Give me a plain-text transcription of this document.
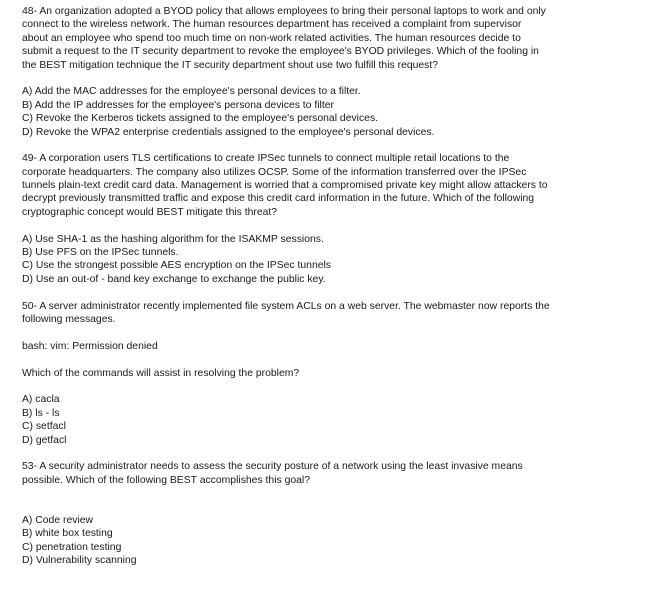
48- An organization adopted a BYOD policy that allows employees to bring their personal laptops to work and only
connect to the wireless network. The human resources department has received a complaint from supervisor
about an employee who spend too much time on non-work related activities. The human resources decide to
submit a request to the IT security department to revoke the employee's BYOD privileges. Which of the fooling in
the BEST mitigation technique the IT security department shout use two fulfill this request?
A) Add the MAC addresses for the employee's personal devices to a filter.
B) Add the IP addresses for the employee's persona devices to filter
C) Revoke the Kerberos tickets assigned to the employee's personal devices.
D) Revoke the WPA2 enterprise credentials assigned to the employee's personal devices.
49- A corporation users TLS certifications to create IPSec tunnels to connect multiple retail locations to the
corporate headquarters. The company also utilizes OCSP. Some of the information transferred over the IPSec
tunnels plain-text credit card data. Management is worried that a compromised private key might allow attackers to
decrypt previously transmitted traffic and expose this credit card information in the future. Which of the following
cryptographic concept would BEST mitigate this threat?
A) Use SHA-1 as the hashing algorithm for the ISAKMP sessions.
B) Use PFS on the IPSec tunnels.
C) Use the strongest possible AES encryption on the IPSec tunnels
D) Use an out-of - band key exchange to exchange the public key.
50- A server administrator recently implemented file system ACLs on a web server. The webmaster now reports the
following messages.
bash: vim: Permission denied
Which of the commands will assist in resolving the problem?
A) cacla
B) ls - ls
C) setfacl
D) getfacl
53- A security administrator needs to assess the security posture of a network using the least invasive means
possible. Which of the following BEST accomplishes this goal?
A) Code review
B) white box testing
C) penetration testing
D) Vulnerability scanning
